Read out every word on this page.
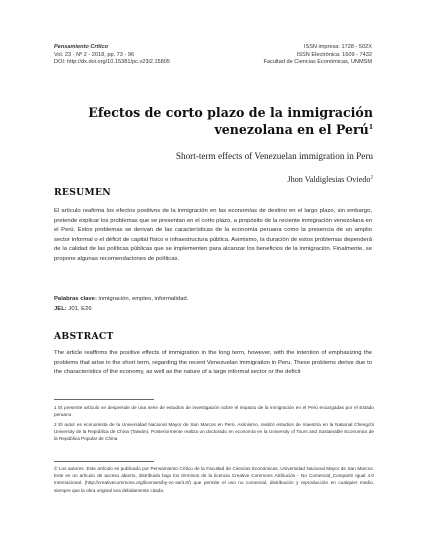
Pensamiento Crítico
Vol. 23 - Nº 2 - 2018, pp. 73 - 96
DOI: http://dx.doi.org/10.15381/pc.v23i2.15805
ISSN impresa: 1728 - 502X
ISSN Electrónica: 1609 - 7432
Facultad de Ciencias Económicas, UNMSM
Efectos de corto plazo de la inmigración
venezolana en el Perú$^1$
Short-term effects of Venezuelan immigration in Peru
Jhon Valdiglesias Oviedo$^2$
RESUMEN
El artículo reafirma los efectos positivos de la inmigración en las economías de destino en el largo plazo, sin embargo, pretende explicar los problemas que se presentan en el corto plazo, a propósito de la reciente inmigración venezolana en el Perú. Estos problemas se derivan de las características de la economía peruana como la presencia de un amplio sector informal o el déficit de capital físico e infraestructura pública. Asimismo, la duración de estos problemas dependerá de la calidad de las políticas públicas que se implementen para alcanzar los beneficios de la inmigración. Finalmente, se propone algunas recomendaciones de políticas.
Palabras clave: inmigración, empleo, informalidad.
JEL: J01, E26
ABSTRACT
The article reaffirms the positive effects of immigration in the long term, however, with the intention of emphasizing the problems that arise in the short term, regarding the recent Venezuelan immigration in Peru. These problems derive due to the characteristics of the economy, as well as the nature of a large informal sector or the deficit
1 El presente artículo se desprende de una serie de estudios de investigación sobre el impacto de la inmigración en el Perú encargadas por el Estado peruano.
2 El autor es economista de la Universidad Nacional Mayor de San Marcos en Perú. Asimismo, realizó estudios de maestría en la National Chengchi University de la República de China (Taiwán). Posteriormente realiza un doctorado en economía en la University of Tours and Sustainable Economics de la República Popular de China
© Los autores. Este artículo es publicado por Pensamiento Crítico de la Facultad de Ciencias Económicas, Universidad Nacional Mayor de San Marcos. Este es un artículo de acceso abierto, distribuido bajo los términos de la licencia Creative Commons Atribución - No Comercial_Compartir Igual 4.0 Internacional. (http://creativecommons.org/licenses/by-nc-sa/4.0/) que permite el uso no comercial, distribución y reproducción en cualquier medio, siempre que la obra original sea debidamente citada.
